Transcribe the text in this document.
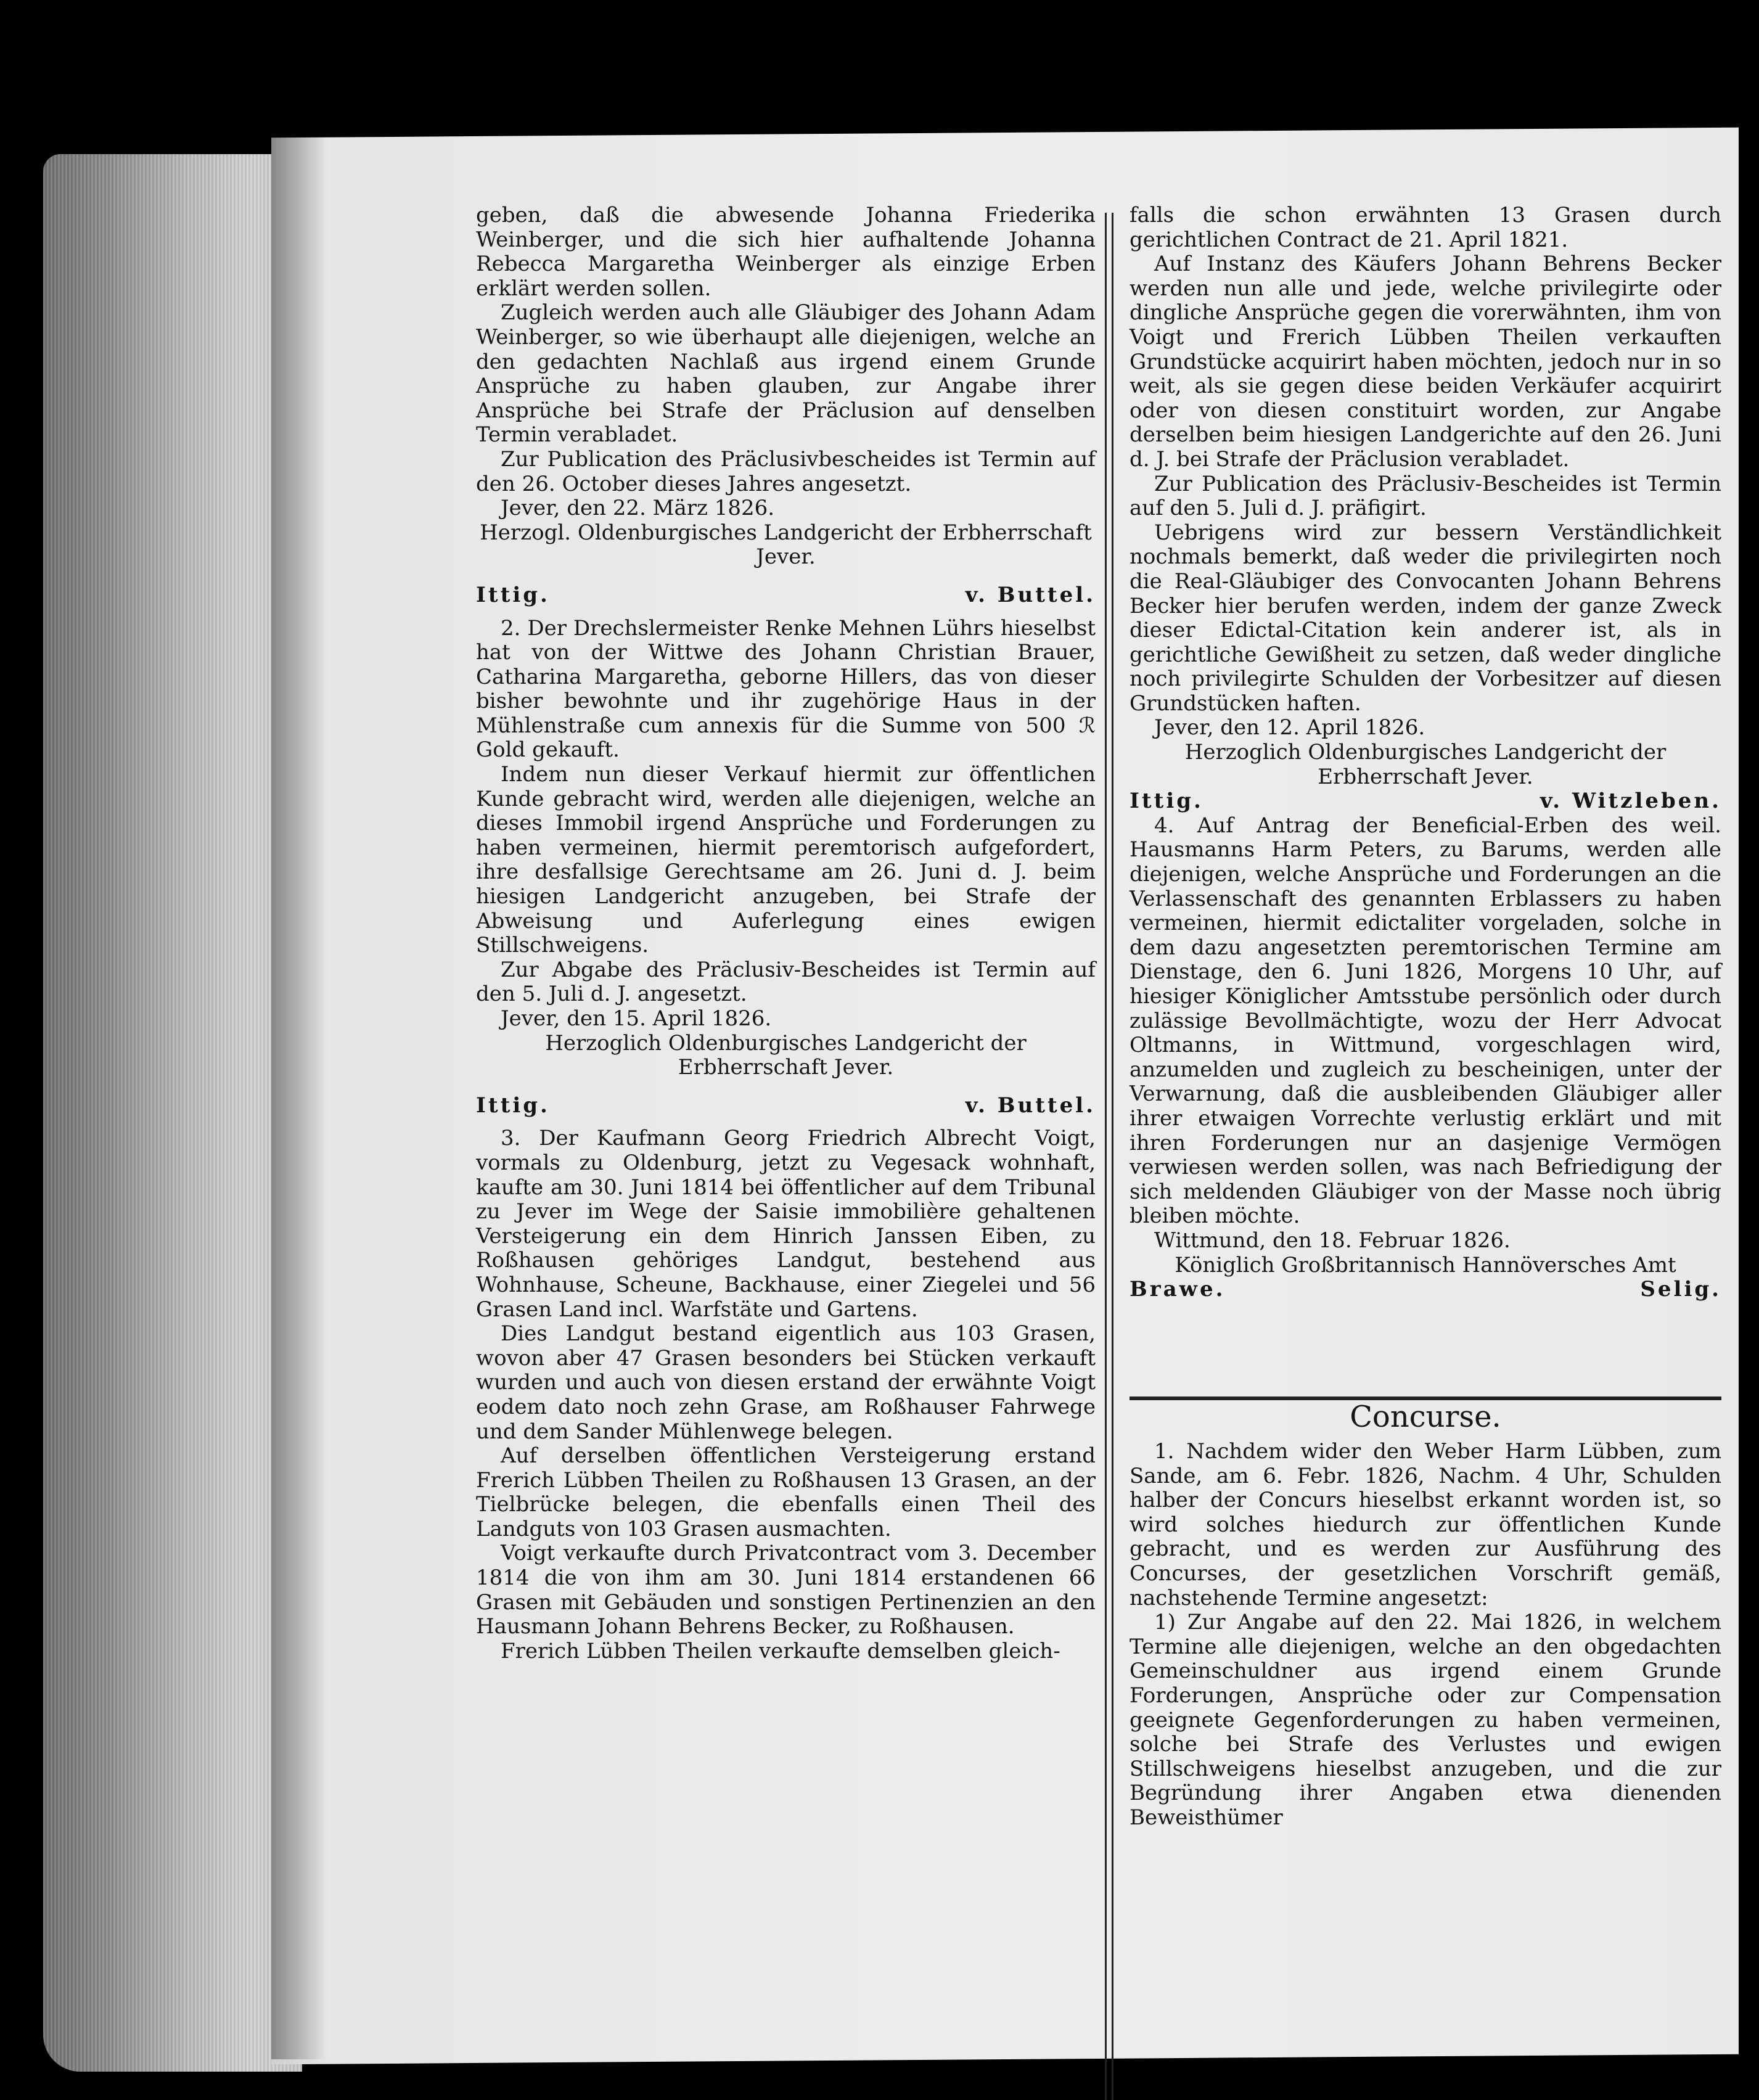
geben, daß die abwesende Johanna Friederika Weinberger, und die sich hier aufhaltende Johanna Rebecca Margaretha Weinberger als einzige Erben erklärt werden sollen.

Zugleich werden auch alle Gläubiger des Johann Adam Weinberger, so wie überhaupt alle diejenigen, welche an den gedachten Nachlaß aus irgend einem Grunde Ansprüche zu haben glauben, zur Angabe ihrer Ansprüche bei Strafe der Präclusion auf denselben Termin verabladet.

Zur Publication des Präclusivbescheides ist Termin auf den 26. October dieses Jahres angesetzt.

Jever, den 22. März 1826.

Herzogl. Oldenburgisches Landgericht der Erbherrschaft Jever.

Ittig.	v. Buttel.

2. Der Drechslermeister Renke Mehnen Lührs hieselbst hat von der Wittwe des Johann Christian Brauer, Catharina Margaretha, geborne Hillers, das von dieser bisher bewohnte und ihr zugehörige Haus in der Mühlenstraße cum annexis für die Summe von 500 ℛ Gold gekauft.

Indem nun dieser Verkauf hiermit zur öffentlichen Kunde gebracht wird, werden alle diejenigen, welche an dieses Immobil irgend Ansprüche und Forderungen zu haben vermeinen, hiermit peremtorisch aufgefordert, ihre desfallsige Gerechtsame am 26. Juni d. J. beim hiesigen Landgericht anzugeben, bei Strafe der Abweisung und Auferlegung eines ewigen Stillschweigens.

Zur Abgabe des Präclusiv-Bescheides ist Termin auf den 5. Juli d. J. angesetzt.

Jever, den 15. April 1826.

Herzoglich Oldenburgisches Landgericht der Erbherrschaft Jever.

Ittig.	v. Buttel.

3. Der Kaufmann Georg Friedrich Albrecht Voigt, vormals zu Oldenburg, jetzt zu Vegesack wohnhaft, kaufte am 30. Juni 1814 bei öffentlicher auf dem Tribunal zu Jever im Wege der Saisie immobilière gehaltenen Versteigerung ein dem Hinrich Janssen Eiben, zu Roßhausen gehöriges Landgut, bestehend aus Wohnhause, Scheune, Backhause, einer Ziegelei und 56 Grasen Land incl. Warfstäte und Gartens.

Dies Landgut bestand eigentlich aus 103 Grasen, wovon aber 47 Grasen besonders bei Stücken verkauft wurden und auch von diesen erstand der erwähnte Voigt eodem dato noch zehn Grase, am Roßhauser Fahrwege und dem Sander Mühlenwege belegen.

Auf derselben öffentlichen Versteigerung erstand Frerich Lübben Theilen zu Roßhausen 13 Grasen, an der Tielbrücke belegen, die ebenfalls einen Theil des Landguts von 103 Grasen ausmachten.

Voigt verkaufte durch Privatcontract vom 3. December 1814 die von ihm am 30. Juni 1814 erstandenen 66 Grasen mit Gebäuden und sonstigen Pertinenzien an den Hausmann Johann Behrens Becker, zu Roßhausen.

Frerich Lübben Theilen verkaufte demselben gleich-

falls die schon erwähnten 13 Grasen durch gerichtlichen Contract de 21. April 1821.

Auf Instanz des Käufers Johann Behrens Becker werden nun alle und jede, welche privilegirte oder dingliche Ansprüche gegen die vorerwähnten, ihm von Voigt und Frerich Lübben Theilen verkauften Grundstücke acquirirt haben möchten, jedoch nur in so weit, als sie gegen diese beiden Verkäufer acquirirt oder von diesen constituirt worden, zur Angabe derselben beim hiesigen Landgerichte auf den 26. Juni d. J. bei Strafe der Präclusion verabladet.

Zur Publication des Präclusiv-Bescheides ist Termin auf den 5. Juli d. J. präfigirt.

Uebrigens wird zur bessern Verständlichkeit nochmals bemerkt, daß weder die privilegirten noch die Real-Gläubiger des Convocanten Johann Behrens Becker hier berufen werden, indem der ganze Zweck dieser Edictal-Citation kein anderer ist, als in gerichtliche Gewißheit zu setzen, daß weder dingliche noch privilegirte Schulden der Vorbesitzer auf diesen Grundstücken haften.

Jever, den 12. April 1826.

Herzoglich Oldenburgisches Landgericht der Erbherrschaft Jever.

Ittig.	v. Witzleben.

4. Auf Antrag der Beneficial-Erben des weil. Hausmanns Harm Peters, zu Barums, werden alle diejenigen, welche Ansprüche und Forderungen an die Verlassenschaft des genannten Erblassers zu haben vermeinen, hiermit edictaliter vorgeladen, solche in dem dazu angesetzten peremtorischen Termine am Dienstage, den 6. Juni 1826, Morgens 10 Uhr, auf hiesiger Königlicher Amtsstube persönlich oder durch zulässige Bevollmächtigte, wozu der Herr Advocat Oltmanns, in Wittmund, vorgeschlagen wird, anzumelden und zugleich zu bescheinigen, unter der Verwarnung, daß die ausbleibenden Gläubiger aller ihrer etwaigen Vorrechte verlustig erklärt und mit ihren Forderungen nur an dasjenige Vermögen verwiesen werden sollen, was nach Befriedigung der sich meldenden Gläubiger von der Masse noch übrig bleiben möchte.

Wittmund, den 18. Februar 1826.

Königlich Großbritannisch Hannöversches Amt

Brawe.	Selig.
Concurse.

1. Nachdem wider den Weber Harm Lübben, zum Sande, am 6. Febr. 1826, Nachm. 4 Uhr, Schulden halber der Concurs hieselbst erkannt worden ist, so wird solches hiedurch zur öffentlichen Kunde gebracht, und es werden zur Ausführung des Concurses, der gesetzlichen Vorschrift gemäß, nachstehende Termine angesetzt:

1) Zur Angabe auf den 22. Mai 1826, in welchem Termine alle diejenigen, welche an den obgedachten Gemeinschuldner aus irgend einem Grunde Forderungen, Ansprüche oder zur Compensation geeignete Gegenforderungen zu haben vermeinen, solche bei Strafe des Verlustes und ewigen Stillschweigens hieselbst anzugeben, und die zur Begründung ihrer Angaben etwa dienenden Beweisthümer
